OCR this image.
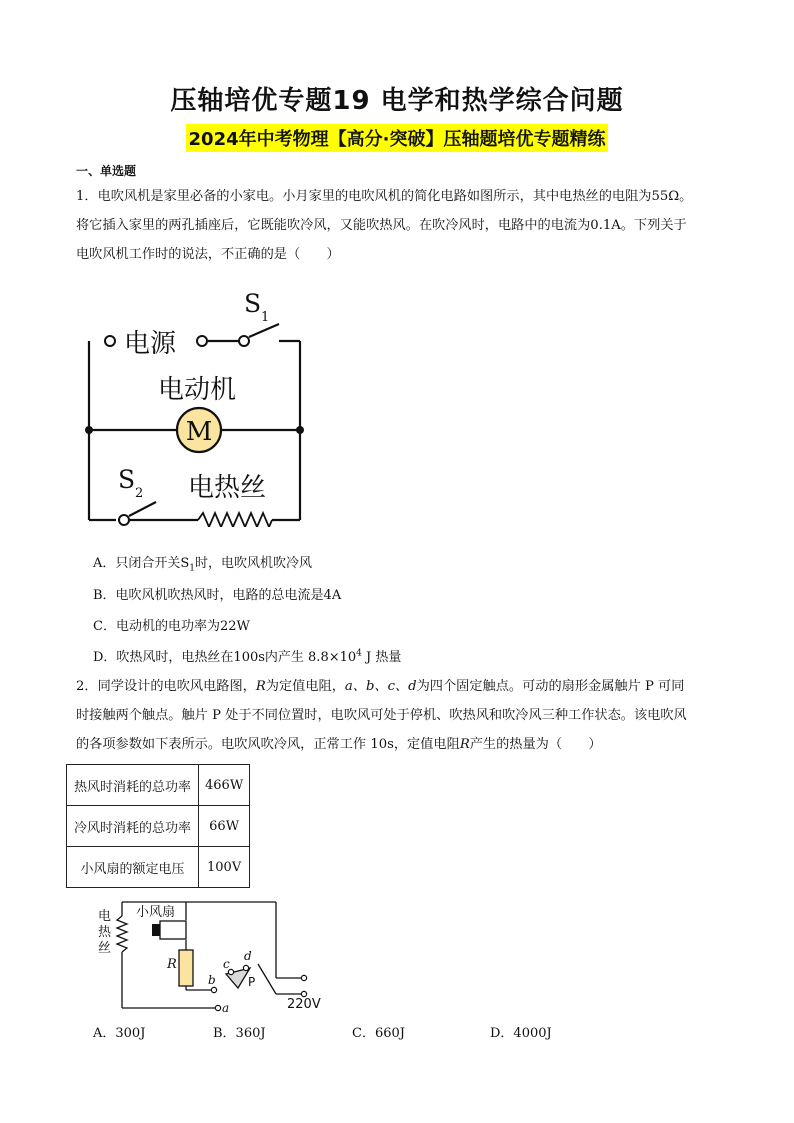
压轴培优专题19 电学和热学综合问题
2024年中考物理【高分·突破】压轴题培优专题精练
一、单选题
1．电吹风机是家里必备的小家电。小月家里的电吹风机的简化电路如图所示，其中电热丝的电阻为55Ω。
将它插入家里的两孔插座后，它既能吹冷风，又能吹热风。在吹冷风时，电路中的电流为0.1A。下列关于
电吹风机工作时的说法，不正确的是（　　）
M
电源
S 1
电动机
S 2 电热丝
A．只闭合开关$S_1$时，电吹风机吹冷风
B．电吹风机吹热风时，电路的总电流是4A
C．电动机的电功率为22W
D．吹热风时，电热丝在100s内产生 $8.8\times 10^4$ J 热量
2．同学设计的电吹风电路图，R为定值电阻，a、b、c、d为四个固定触点。可动的扇形金属触片 P 可同
时接触两个触点。触片 P 处于不同位置时，电吹风可处于停机、吹热风和吹冷风三种工作状态。该电吹风
的各项参数如下表所示。电吹风吹冷风，正常工作 10s，定值电阻R产生的热量为（　　）
热风时消耗的总功率	466W
冷风时消耗的总功率	66W
小风扇的额定电压	100V
电
热
丝
小风扇
R
b
a
c
d
P
220V
A．300J	B．360J	C．660J	D．4000J
